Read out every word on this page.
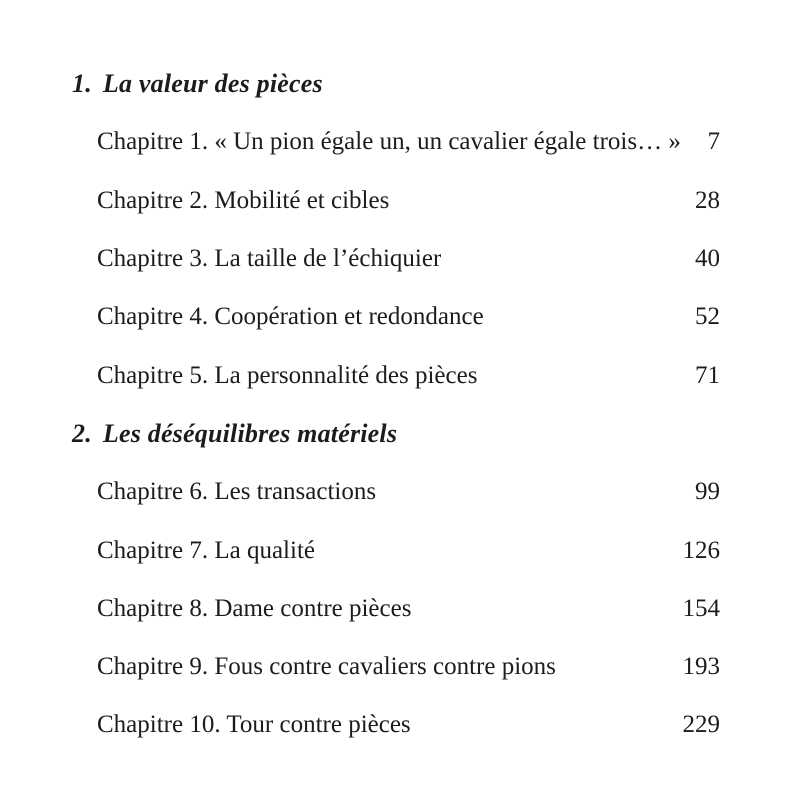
1. La valeur des pièces
Chapitre 1. « Un pion égale un, un cavalier égale trois… » 7
Chapitre 2. Mobilité et cibles	28
Chapitre 3. La taille de l’échiquier	40
Chapitre 4. Coopération et redondance	52
Chapitre 5. La personnalité des pièces	71
2. Les déséquilibres matériels
Chapitre 6. Les transactions	99
Chapitre 7. La qualité	126
Chapitre 8. Dame contre pièces	154
Chapitre 9. Fous contre cavaliers contre pions	193
Chapitre 10. Tour contre pièces	229
